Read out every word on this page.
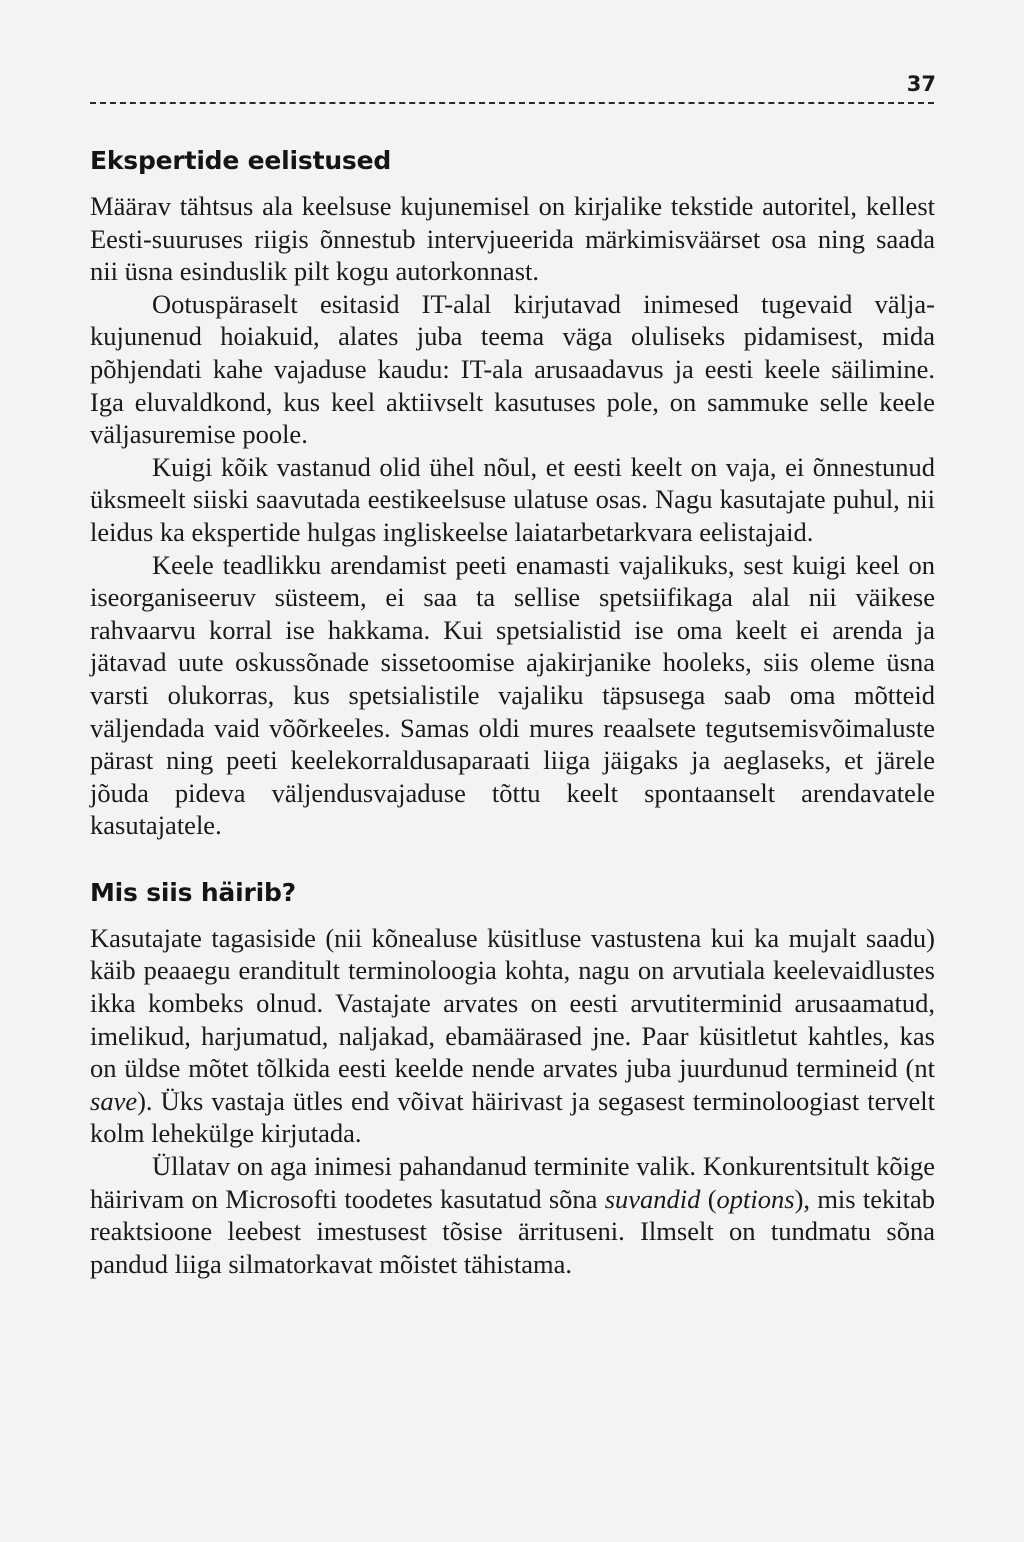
37
Ekspertide eelistused

Määrav tähtsus ala keelsuse kujunemisel on kirjalike tekstide autoritel, kellest Eesti-suuruses riigis õnnestub intervjueerida märkimisväärset osa ning saada nii üsna esinduslik pilt kogu autorkonnast.

Ootuspäraselt esitasid IT-alal kirjutavad inimesed tugevaid väljakujunenud hoiakuid, alates juba teema väga oluliseks pidamisest, mida põhjendati kahe vajaduse kaudu: IT-ala arusaadavus ja eesti keele säilimine. Iga eluvaldkond, kus keel aktiivselt kasutuses pole, on sammuke selle keele väljasuremise poole.

Kuigi kõik vastanud olid ühel nõul, et eesti keelt on vaja, ei õnnestunud üksmeelt siiski saavutada eestikeelsuse ulatuse osas. Nagu kasutajate puhul, nii leidus ka ekspertide hulgas ingliskeelse laiatarbetarkvara eelistajaid.

Keele teadlikku arendamist peeti enamasti vajalikuks, sest kuigi keel on iseorganiseeruv süsteem, ei saa ta sellise spetsiifikaga alal nii väikese rahvaarvu korral ise hakkama. Kui spetsialistid ise oma keelt ei arenda ja jätavad uute oskussõnade sissetoomise ajakirjanike hooleks, siis oleme üsna varsti olukorras, kus spetsialistile vajaliku täpsusega saab oma mõtteid väljendada vaid võõrkeeles. Samas oldi mures reaalsete tegutsemisvõimaluste pärast ning peeti keelekorraldusaparaati liiga jäigaks ja aeglaseks, et järele jõuda pideva väljendusvajaduse tõttu keelt spontaanselt arendavatele kasutajatele.

Mis siis häirib?

Kasutajate tagasiside (nii kõnealuse küsitluse vastustena kui ka mujalt saadu) käib peaaegu eranditult terminoloogia kohta, nagu on arvutiala keelevaidlustes ikka kombeks olnud. Vastajate arvates on eesti arvutiterminid arusaamatud, imelikud, harjumatud, naljakad, ebamäärased jne. Paar küsitletut kahtles, kas on üldse mõtet tõlkida eesti keelde nende arvates juba juurdunud termineid (nt save). Üks vastaja ütles end võivat häirivast ja segasest terminoloogiast tervelt kolm lehekülge kirjutada.

Üllatav on aga inimesi pahandanud terminite valik. Konkurentsitult kõige häirivam on Microsofti toodetes kasutatud sõna suvandid (options), mis tekitab reaktsioone leebest imestusest tõsise ärrituseni. Ilmselt on tundmatu sõna pandud liiga silmatorkavat mõistet tähistama.
